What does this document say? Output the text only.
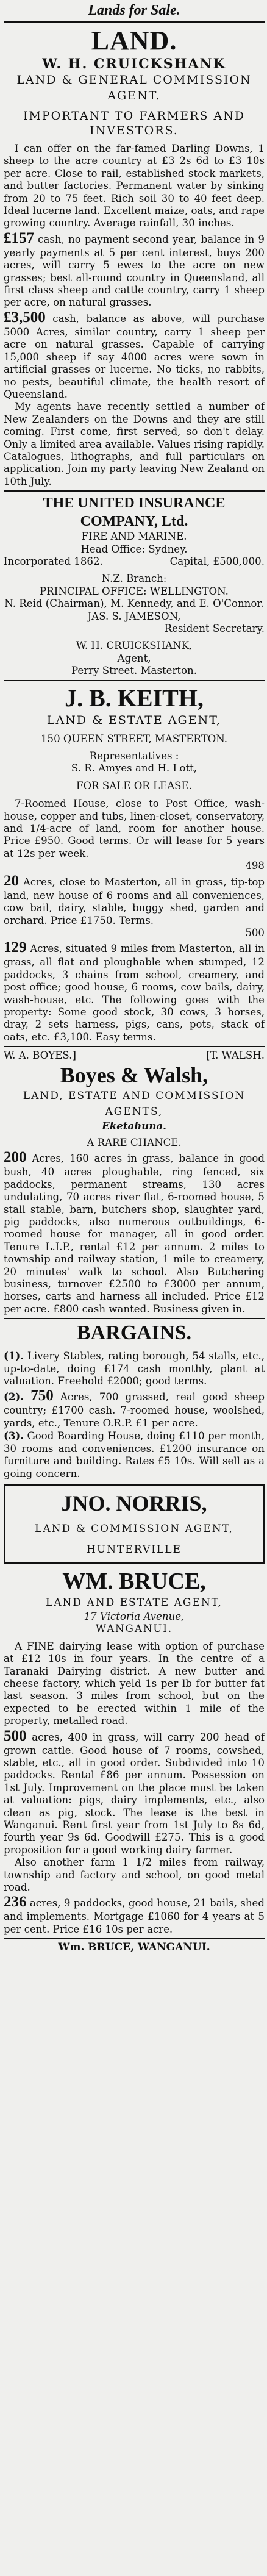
Lands for Sale.
LAND.
W. H. CRUICKSHANK
LAND & GENERAL COMMISSION AGENT.
IMPORTANT TO FARMERS AND INVESTORS.

I can offer on the far-famed Darling Downs, 1 sheep to the acre country at £3 2s 6d to £3 10s per acre. Close to rail, established stock markets, and butter factories. Permanent water by sinking from 20 to 75 feet. Rich soil 30 to 40 feet deep. Ideal lucerne land. Excellent maize, oats, and rape growing country. Average rainfall, 30 inches.

£157 cash, no payment second year, balance in 9 yearly payments at 5 per cent interest, buys 200 acres, will carry 5 ewes to the acre on new grasses; best all-round country in Queensland, all first class sheep and cattle country, carry 1 sheep per acre, on natural grasses.

£3,500 cash, balance as above, will purchase 5000 Acres, similar country, carry 1 sheep per acre on natural grasses. Capable of carrying 15,000 sheep if say 4000 acres were sown in artificial grasses or lucerne. No ticks, no rabbits, no pests, beautiful climate, the health resort of Queensland.

My agents have recently settled a number of New Zealanders on the Downs and they are still coming. First come, first served, so don't delay. Only a limited area available. Values rising rapidly. Catalogues, lithographs, and full particulars on application. Join my party leaving New Zealand on 10th July.

THE UNITED INSURANCE
COMPANY, Ltd.

FIRE AND MARINE.

Head Office: Sydney.

Incorporated 1862.	Capital, £500,000.

N.Z. Branch:

PRINCIPAL OFFICE: WELLINGTON.

N. Reid (Chairman), M. Kennedy, and E. O'Connor.

JAS. S. JAMESON,

Resident Secretary.

W. H. CRUICKSHANK,

Agent,

Perry Street. Masterton.

J. B. KEITH,
LAND & ESTATE AGENT,

150 QUEEN STREET, MASTERTON.

Representatives :

S. R. Amyes and H. Lott,

FOR SALE OR LEASE.

7-Roomed House, close to Post Office, wash-house, copper and tubs, linen-closet, conservatory, and 1/4-acre of land, room for another house. Price £950. Good terms. Or will lease for 5 years at 12s per week.

498

20 Acres, close to Masterton, all in grass, tip-top land, new house of 6 rooms and all conveniences, cow bail, dairy, stable, buggy shed, garden and orchard. Price £1750. Terms.

500

129 Acres, situated 9 miles from Masterton, all in grass, all flat and ploughable when stumped, 12 paddocks, 3 chains from school, creamery, and post office; good house, 6 rooms, cow bails, dairy, wash-house, etc. The following goes with the property: Some good stock, 30 cows, 3 horses, dray, 2 sets harness, pigs, cans, pots, stack of oats, etc. £3,100. Easy terms.

W. A. BOYES.]	[T. WALSH.
Boyes & Walsh,
LAND, ESTATE AND COMMISSION
AGENTS,

Eketahuna.

A RARE CHANCE.

200 Acres, 160 acres in grass, balance in good bush, 40 acres ploughable, ring fenced, six paddocks, permanent streams, 130 acres undulating, 70 acres river flat, 6-roomed house, 5 stall stable, barn, butchers shop, slaughter yard, pig paddocks, also numerous outbuildings, 6-roomed house for manager, all in good order. Tenure L.I.P., rental £12 per annum. 2 miles to township and railway station, 1 mile to creamery, 20 minutes' walk to school. Also Butchering business, turnover £2500 to £3000 per annum, horses, carts and harness all included. Price £12 per acre. £800 cash wanted. Business given in.

BARGAINS.

(1). Livery Stables, rating borough, 54 stalls, etc., up-to-date, doing £174 cash monthly, plant at valuation. Freehold £2000; good terms.

(2). 750 Acres, 700 grassed, real good sheep country; £1700 cash. 7-roomed house, woolshed, yards, etc., Tenure O.R.P. £1 per acre.

(3). Good Boarding House, doing £110 per month, 30 rooms and conveniences. £1200 insurance on furniture and building. Rates £5 10s. Will sell as a going concern.

JNO. NORRIS,
LAND & COMMISSION AGENT,
HUNTERVILLE
WM. BRUCE,
LAND AND ESTATE AGENT,

17 Victoria Avenue,

WANGANUI.

A FINE dairying lease with option of purchase at £12 10s in four years. In the centre of a Taranaki Dairying district. A new butter and cheese factory, which yeld 1s per lb for butter fat last season. 3 miles from school, but on the expected to be erected within 1 mile of the property, metalled road.

500 acres, 400 in grass, will carry 200 head of grown cattle. Good house of 7 rooms, cowshed, stable, etc., all in good order. Subdivided into 10 paddocks. Rental £86 per annum. Possession on 1st July. Improvement on the place must be taken at valuation: pigs, dairy implements, etc., also clean as pig, stock. The lease is the best in Wanganui. Rent first year from 1st July to 8s 6d, fourth year 9s 6d. Goodwill £275. This is a good proposition for a good working dairy farmer.

Also another farm 1 1/2 miles from railway, township and factory and school, on good metal road.

236 acres, 9 paddocks, good house, 21 bails, shed and implements. Mortgage £1060 for 4 years at 5 per cent. Price £16 10s per acre.

Wm. BRUCE, WANGANUI.
